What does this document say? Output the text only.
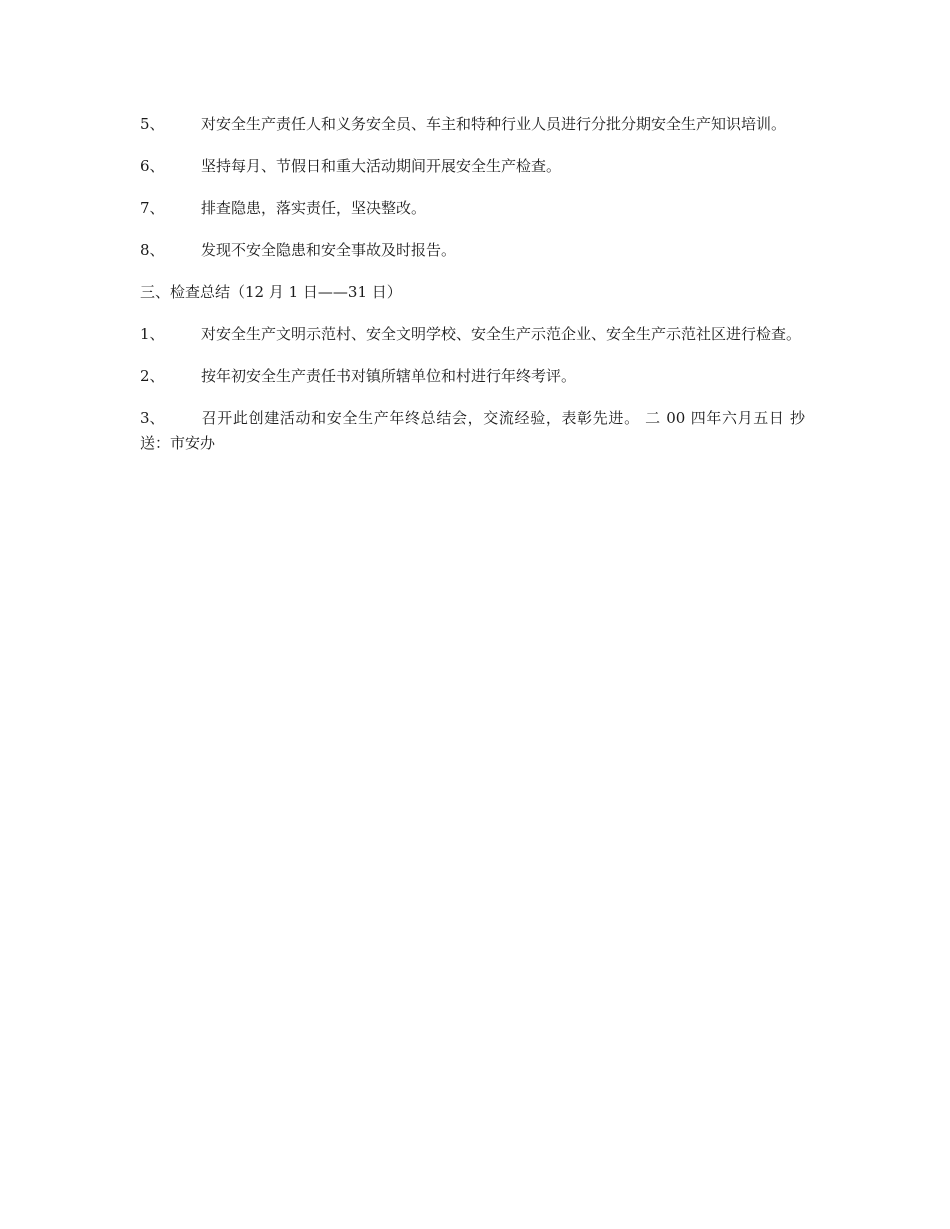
5、 对安全生产责任人和义务安全员、车主和特种行业人员进行分批分期安全生产知识培训。

6、 坚持每月、节假日和重大活动期间开展安全生产检查。

7、 排查隐患，落实责任，坚决整改。

8、 发现不安全隐患和安全事故及时报告。

三、检查总结（12 月 1 日——31 日）

1、 对安全生产文明示范村、安全文明学校、安全生产示范企业、安全生产示范社区进行检查。

2、 按年初安全生产责任书对镇所辖单位和村进行年终考评。

3、 召开此创建活动和安全生产年终总结会，交流经验，表彰先进。 二 00 四年六月五日 抄送：市安办
